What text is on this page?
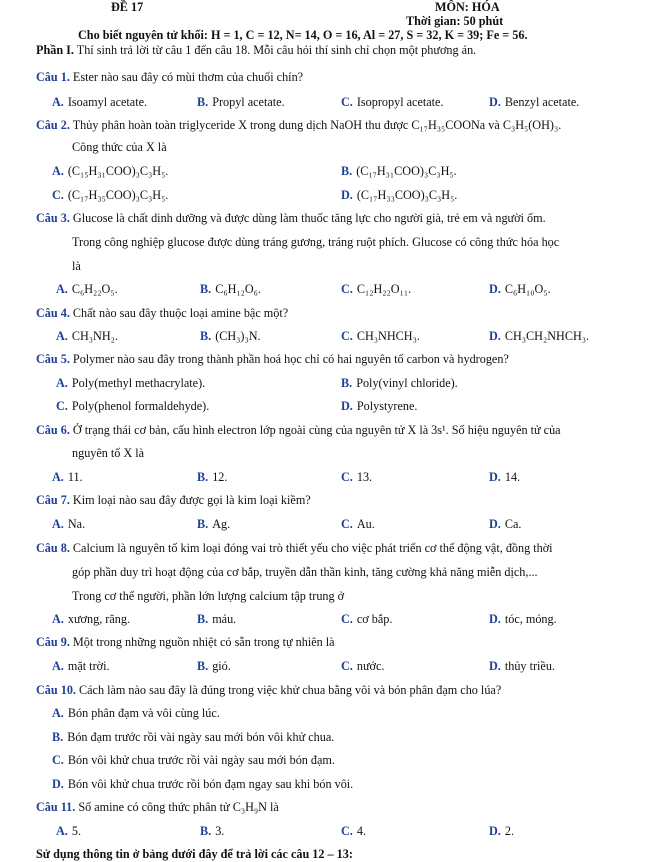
ĐỀ 17	MÔN: HÓA
Thời gian: 50 phút
Cho biết nguyên tử khối: H = 1, C = 12, N= 14, O = 16, Al = 27, S = 32, K = 39; Fe = 56.
Phần I. Thí sinh trả lời từ câu 1 đến câu 18. Mỗi câu hỏi thí sinh chỉ chọn một phương án.
Câu 1. Ester nào sau đây có mùi thơm của chuối chín?
A. Isoamyl acetate.	B. Propyl acetate.	C. Isopropyl acetate.	D. Benzyl acetate.
Câu 2. Thủy phân hoàn toàn triglyceride X trong dung dịch NaOH thu được C₁₇H₃₅COONa và C₃H₅(OH)₃.
Công thức của X là
A. (C₁₅H₃₁COO)₃C₃H₅.	B. (C₁₇H₃₁COO)₃C₃H₅.
C. (C₁₇H₃₅COO)₃C₃H₅.	D. (C₁₇H₃₃COO)₃C₃H₅.
Câu 3. Glucose là chất dinh dưỡng và được dùng làm thuốc tăng lực cho người già, trẻ em và người ốm.
Trong công nghiệp glucose được dùng tráng gương, tráng ruột phích. Glucose có công thức hóa học
là
A. C₆H₂₂O₅.	B. C₆H₁₂O₆.	C. C₁₂H₂₂O₁₁.	D. C₆H₁₀O₅.
Câu 4. Chất nào sau đây thuộc loại amine bậc một?
A. CH₃NH₂.	B. (CH₃)₃N.	C. CH₃NHCH₃.	D. CH₃CH₂NHCH₃.
Câu 5. Polymer nào sau đây trong thành phần hoá học chỉ có hai nguyên tố carbon và hydrogen?
A. Poly(methyl methacrylate).	B. Poly(vinyl chloride).
C. Poly(phenol formaldehyde).	D. Polystyrene.
Câu 6. Ở trạng thái cơ bản, cấu hình electron lớp ngoài cùng của nguyên tử X là 3s¹. Số hiệu nguyên tử của
nguyên tố X là
A. 11.	B. 12.	C. 13.	D. 14.
Câu 7. Kim loại nào sau đây được gọi là kim loại kiềm?
A. Na.	B. Ag.	C. Au.	D. Ca.
Câu 8. Calcium là nguyên tố kim loại đóng vai trò thiết yếu cho việc phát triển cơ thể động vật, đồng thời
góp phần duy trì hoạt động của cơ bắp, truyền dẫn thần kinh, tăng cường khả năng miễn dịch,...
Trong cơ thể người, phần lớn lượng calcium tập trung ở
A. xương, răng.	B. máu.	C. cơ bắp.	D. tóc, móng.
Câu 9. Một trong những nguồn nhiệt có sẵn trong tự nhiên là
A. mặt trời.	B. gió.	C. nước.	D. thủy triều.
Câu 10. Cách làm nào sau đây là đúng trong việc khử chua bằng vôi và bón phân đạm cho lúa?
A. Bón phân đạm và vôi cùng lúc.
B. Bón đạm trước rồi vài ngày sau mới bón vôi khử chua.
C. Bón vôi khử chua trước rồi vài ngày sau mới bón đạm.
D. Bón vôi khử chua trước rồi bón đạm ngay sau khi bón vôi.
Câu 11. Số amine có công thức phân tử C₃H₉N là
A. 5.	B. 3.	C. 4.	D. 2.
Sử dụng thông tin ở bảng dưới đây để trả lời các câu 12 – 13:
